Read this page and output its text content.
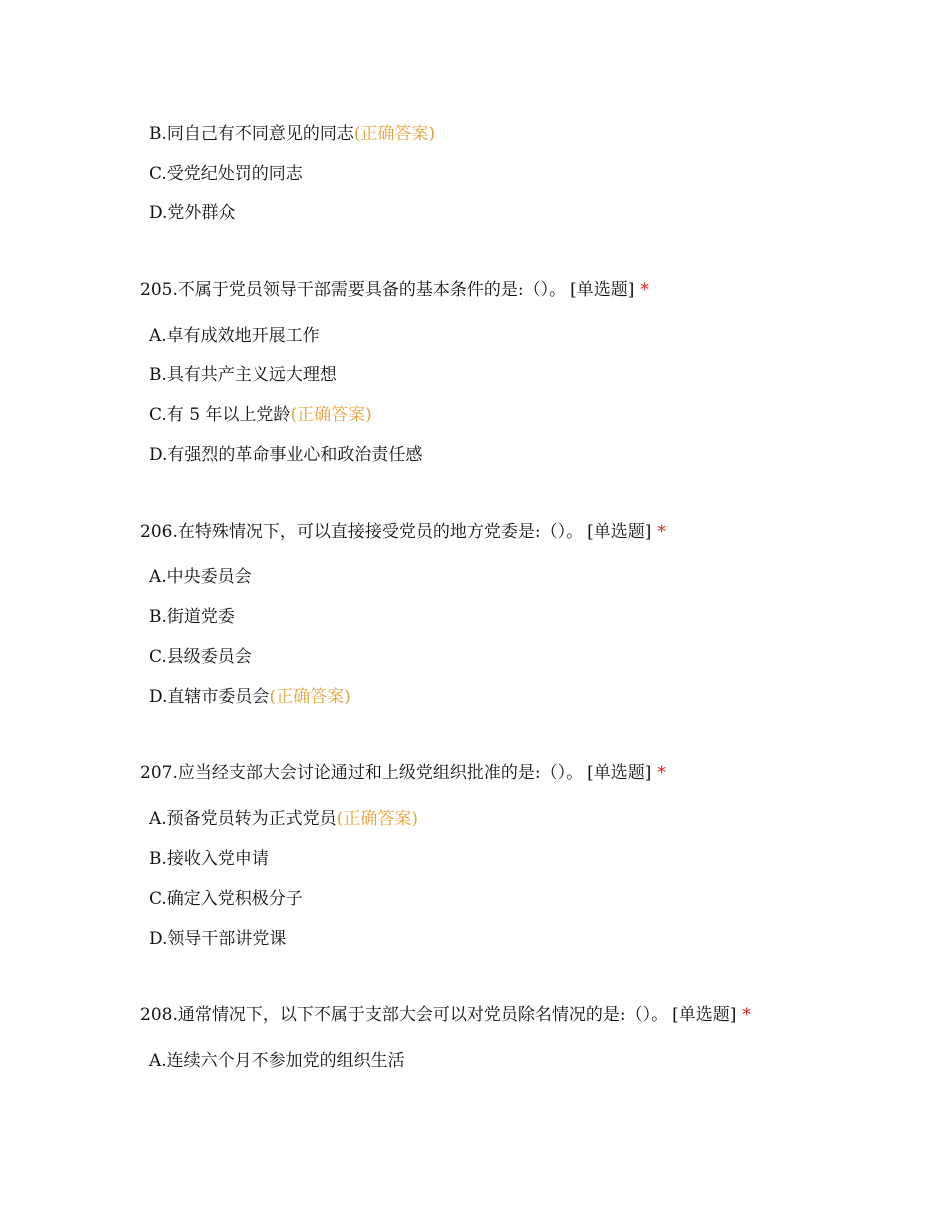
B.同自己有不同意见的同志(正确答案)
C.受党纪处罚的同志
D.党外群众
205.不属于党员领导干部需要具备的基本条件的是:（）。 [单选题] *
A.卓有成效地开展工作
B.具有共产主义远大理想
C.有 5 年以上党龄(正确答案)
D.有强烈的革命事业心和政治责任感
206.在特殊情况下，可以直接接受党员的地方党委是:（）。 [单选题] *
A.中央委员会
B.街道党委
C.县级委员会
D.直辖市委员会(正确答案)
207.应当经支部大会讨论通过和上级党组织批准的是:（）。 [单选题] *
A.预备党员转为正式党员(正确答案)
B.接收入党申请
C.确定入党积极分子
D.领导干部讲党课
208.通常情况下，以下不属于支部大会可以对党员除名情况的是:（）。 [单选题] *
A.连续六个月不参加党的组织生活
